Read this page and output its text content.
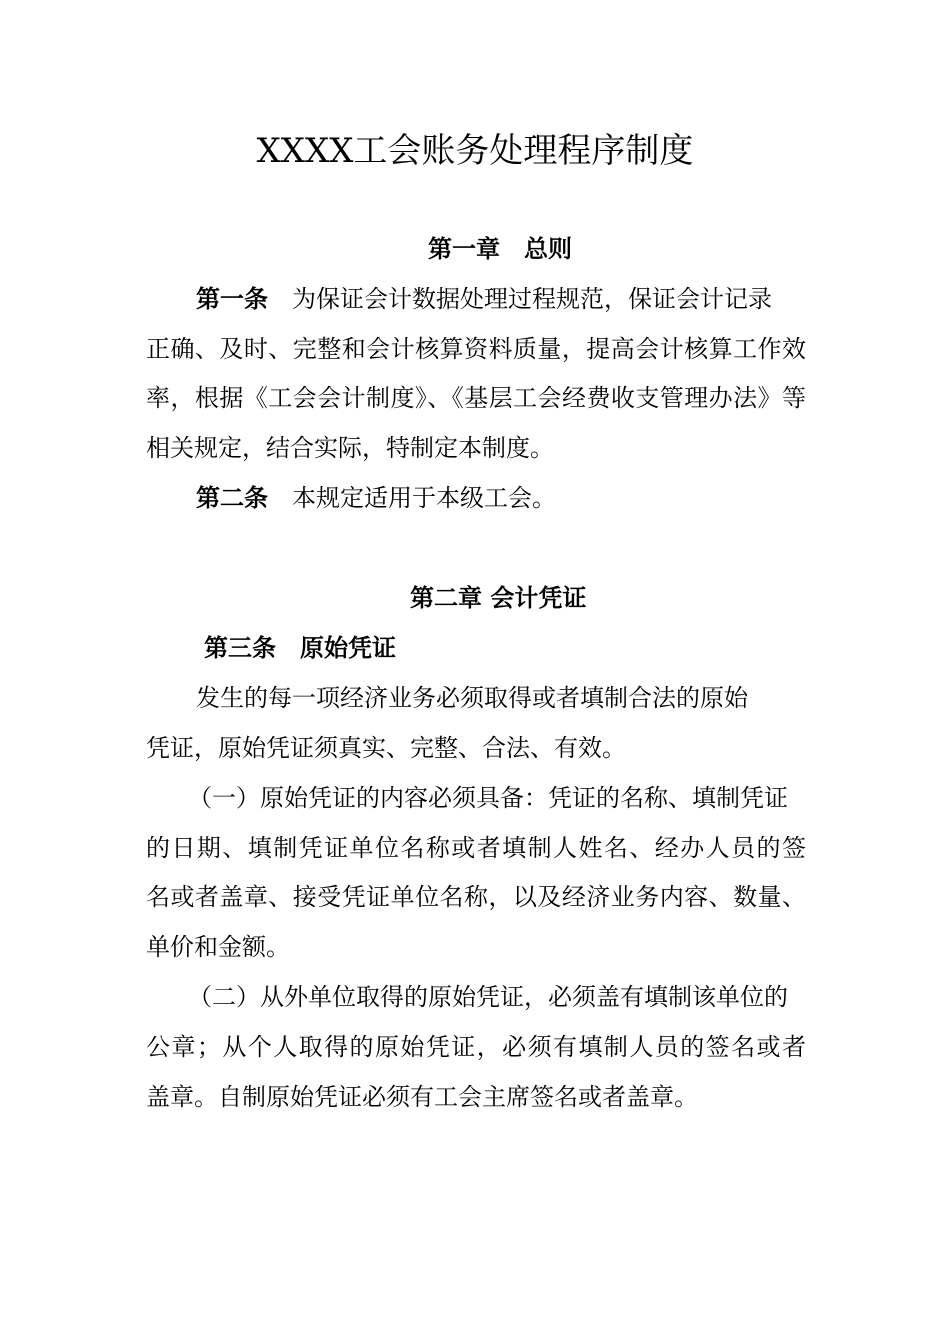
XXXX工会账务处理程序制度
第一章　总则
第一条　 为保证会计数据处理过程规范，保证会计记录
正确、及时、完整和会计核算资料质量，提高会计核算工作效
率，根据《工会会计制度》、《基层工会经费收支管理办法》等
相关规定，结合实际，特制定本制度。
第二条　 本规定适用于本级工会。
第二章 会计凭证
第三条　原始凭证
发生的每一项经济业务必须取得或者填制合法的原始
凭证，原始凭证须真实、完整、合法、有效。
（一）原始凭证的内容必须具备：凭证的名称、填制凭证
的日期、填制凭证单位名称或者填制人姓名、经办人员的签
名或者盖章、接受凭证单位名称，以及经济业务内容、数量、
单价和金额。
（二）从外单位取得的原始凭证，必须盖有填制该单位的
公章；从个人取得的原始凭证，必须有填制人员的签名或者
盖章。自制原始凭证必须有工会主席签名或者盖章。
